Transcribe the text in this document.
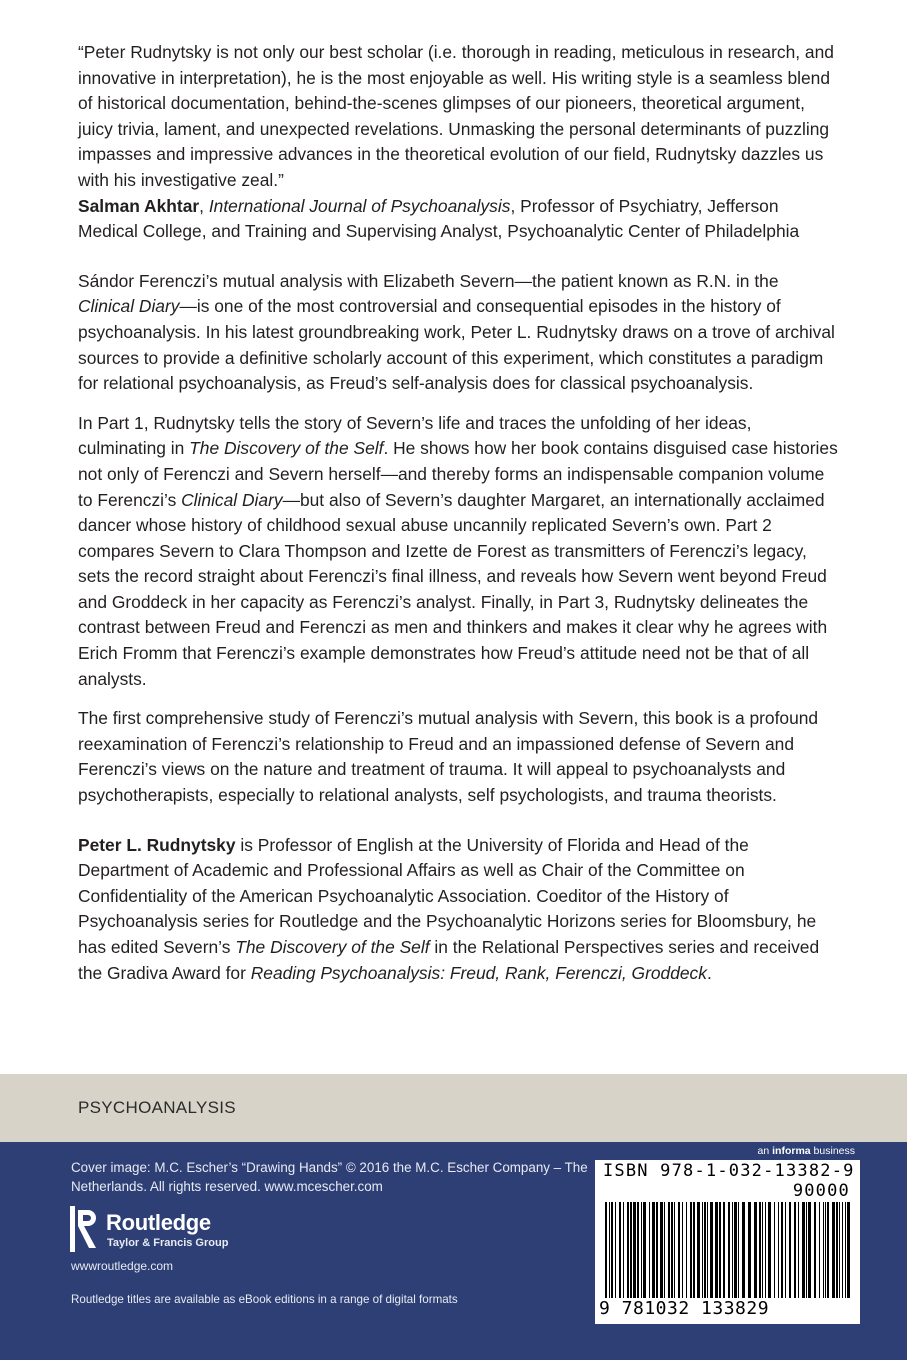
“Peter Rudnytsky is not only our best scholar (i.e. thorough in reading, meticulous in research, and innovative in interpretation), he is the most enjoyable as well. His writing style is a seamless blend of historical documentation, behind-the-scenes glimpses of our pioneers, theoretical argument, juicy trivia, lament, and unexpected revelations. Unmasking the personal determinants of puzzling impasses and impressive advances in the theoretical evolution of our field, Rudnytsky dazzles us with his investigative zeal.”

Salman Akhtar, International Journal of Psychoanalysis, Professor of Psychiatry, Jefferson Medical College, and Training and Supervising Analyst, Psychoanalytic Center of Philadelphia

Sándor Ferenczi’s mutual analysis with Elizabeth Severn—the patient known as R.N. in the Clinical Diary—is one of the most controversial and consequential episodes in the history of psychoanalysis. In his latest groundbreaking work, Peter L. Rudnytsky draws on a trove of archival sources to provide a definitive scholarly account of this experiment, which constitutes a paradigm for relational psychoanalysis, as Freud’s self-analysis does for classical psychoanalysis.

In Part 1, Rudnytsky tells the story of Severn’s life and traces the unfolding of her ideas, culminating in The Discovery of the Self. He shows how her book contains disguised case histories not only of Ferenczi and Severn herself—and thereby forms an indispensable companion volume to Ferenczi’s Clinical Diary—but also of Severn’s daughter Margaret, an internationally acclaimed dancer whose history of childhood sexual abuse uncannily replicated Severn’s own. Part 2 compares Severn to Clara Thompson and Izette de Forest as transmitters of Ferenczi’s legacy, sets the record straight about Ferenczi’s final illness, and reveals how Severn went beyond Freud and Groddeck in her capacity as Ferenczi’s analyst. Finally, in Part 3, Rudnytsky delineates the contrast between Freud and Ferenczi as men and thinkers and makes it clear why he agrees with Erich Fromm that Ferenczi’s example demonstrates how Freud’s attitude need not be that of all analysts.

The first comprehensive study of Ferenczi’s mutual analysis with Severn, this book is a profound reexamination of Ferenczi’s relationship to Freud and an impassioned defense of Severn and Ferenczi’s views on the nature and treatment of trauma. It will appeal to psychoanalysts and psychotherapists, especially to relational analysts, self psychologists, and trauma theorists.

Peter L. Rudnytsky is Professor of English at the University of Florida and Head of the Department of Academic and Professional Affairs as well as Chair of the Committee on Confidentiality of the American Psychoanalytic Association. Coeditor of the History of Psychoanalysis series for Routledge and the Psychoanalytic Horizons series for Bloomsbury, he has edited Severn’s The Discovery of the Self in the Relational Perspectives series and received the Gradiva Award for Reading Psychoanalysis: Freud, Rank, Ferenczi, Groddeck.

PSYCHOANALYSIS
Cover image: M.C. Escher’s “Drawing Hands” © 2016 the M.C. Escher Company – The Netherlands. All rights reserved. www.mcescher.com
Routledge
Taylor & Francis Group
wwwroutledge.com
Routledge titles are available as eBook editions in a range of digital formats
an informa business
ISBN 978-1-032-13382-9
90000
9 781032 133829
